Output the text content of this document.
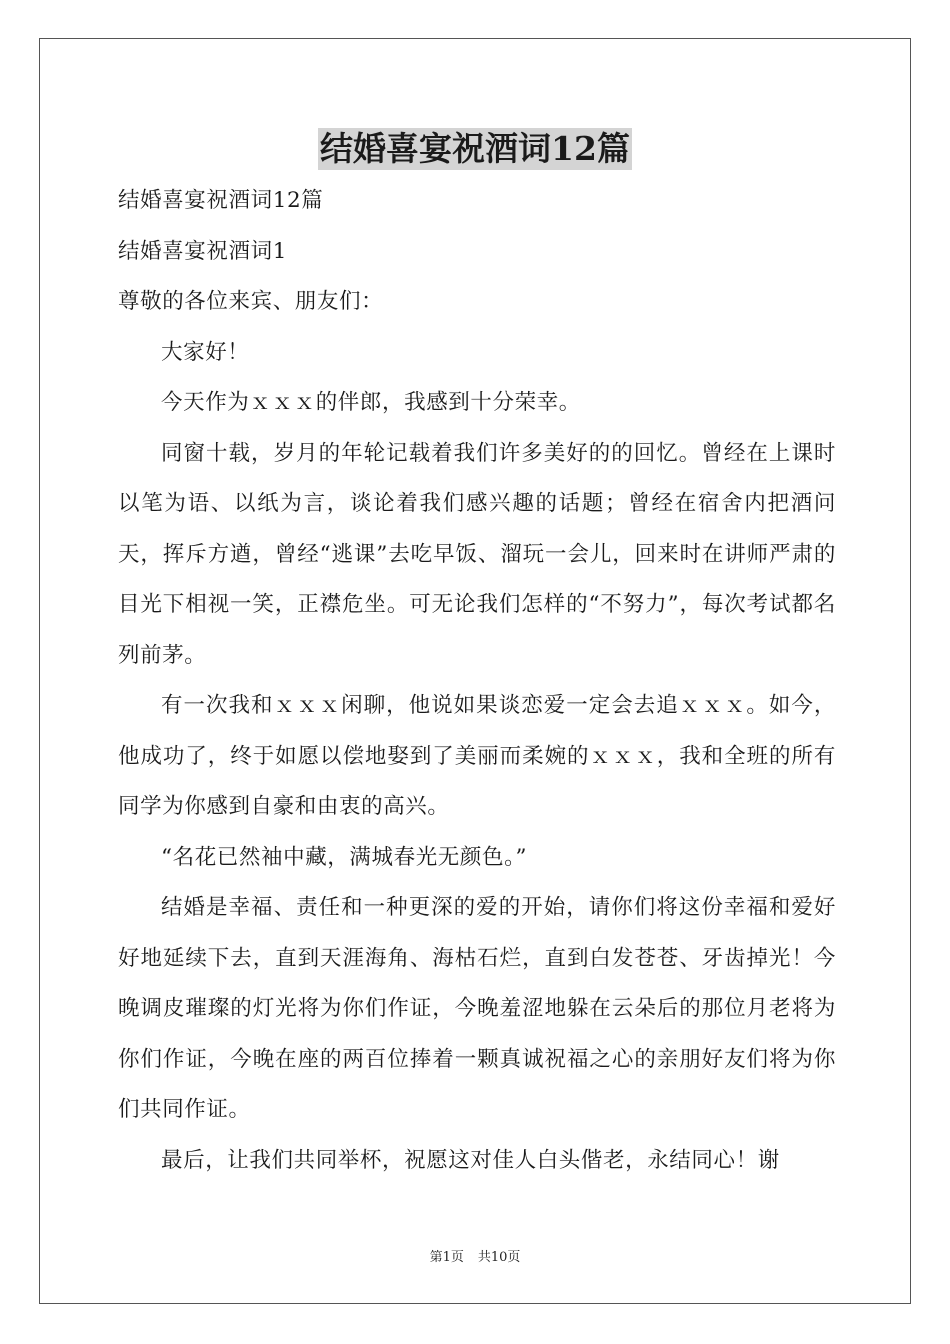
结婚喜宴祝酒词12篇

结婚喜宴祝酒词12篇

结婚喜宴祝酒词1

尊敬的各位来宾、朋友们：

大家好！

今天作为ｘｘｘ的伴郎，我感到十分荣幸。

同窗十载，岁月的年轮记载着我们许多美好的的回忆。曾经在上课时以笔为语、以纸为言，谈论着我们感兴趣的话题；曾经在宿舍内把酒问天，挥斥方遒，曾经“逃课”去吃早饭、溜玩一会儿，回来时在讲师严肃的目光下相视一笑，正襟危坐。可无论我们怎样的“不努力”，每次考试都名列前茅。

有一次我和ｘｘｘ闲聊，他说如果谈恋爱一定会去追ｘｘｘ。如今，他成功了，终于如愿以偿地娶到了美丽而柔婉的ｘｘｘ，我和全班的所有同学为你感到自豪和由衷的高兴。

“名花已然袖中藏，满城春光无颜色。”

结婚是幸福、责任和一种更深的爱的开始，请你们将这份幸福和爱好好地延续下去，直到天涯海角、海枯石烂，直到白发苍苍、牙齿掉光！今晚调皮璀璨的灯光将为你们作证，今晚羞涩地躲在云朵后的那位月老将为你们作证，今晚在座的两百位捧着一颗真诚祝福之心的亲朋好友们将为你们共同作证。

最后，让我们共同举杯，祝愿这对佳人白头偕老，永结同心！谢

第1页 共10页
